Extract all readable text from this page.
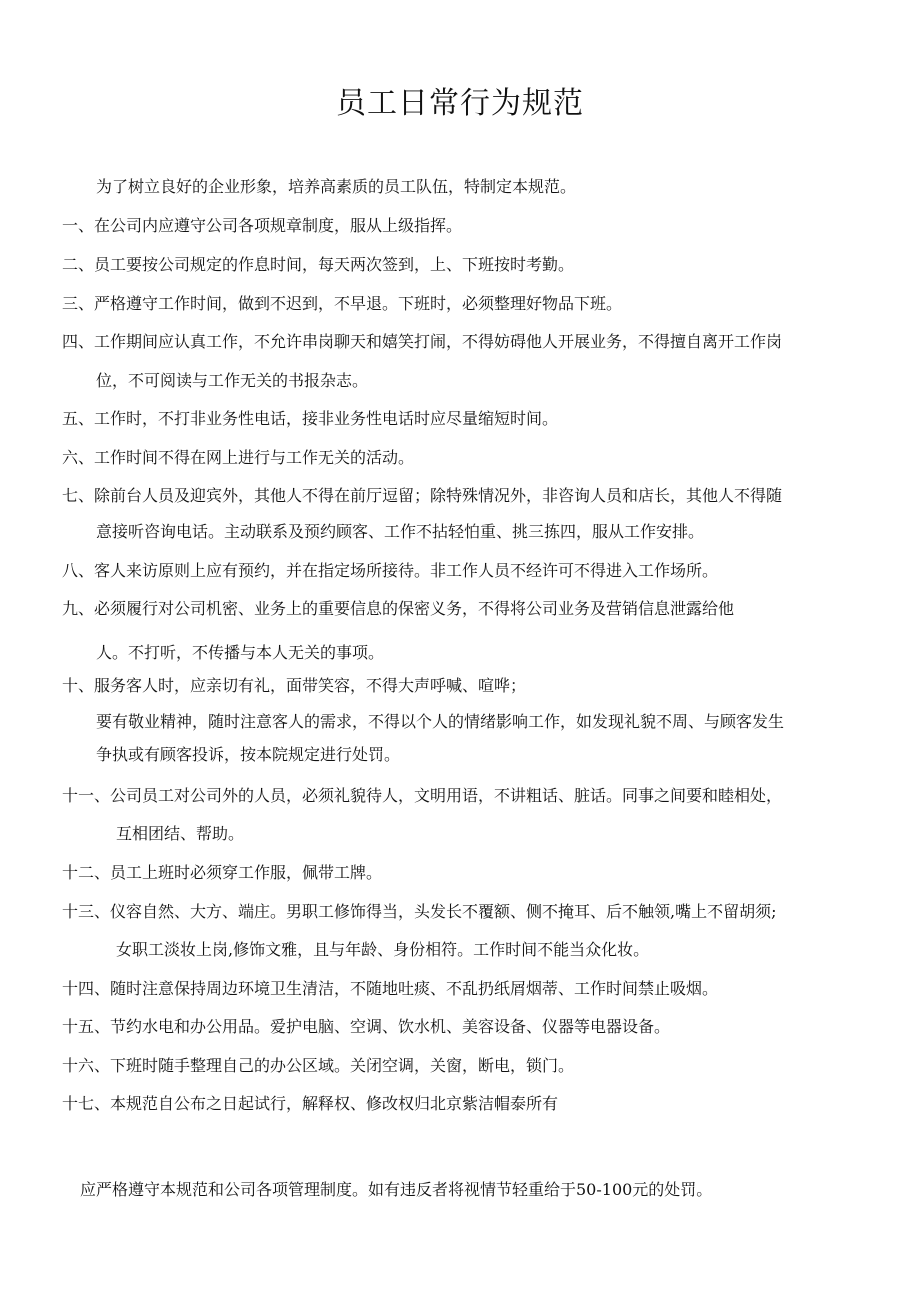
员工日常行为规范
为了树立良好的企业形象，培养高素质的员工队伍，特制定本规范。
一、在公司内应遵守公司各项规章制度，服从上级指挥。
二、员工要按公司规定的作息时间，每天两次签到，上、下班按时考勤。
三、严格遵守工作时间，做到不迟到，不早退。下班时，必须整理好物品下班。
四、工作期间应认真工作，不允许串岗聊天和嬉笑打闹，不得妨碍他人开展业务，不得擅自离开工作岗
位，不可阅读与工作无关的书报杂志。
五、工作时，不打非业务性电话，接非业务性电话时应尽量缩短时间。
六、工作时间不得在网上进行与工作无关的活动。
七、除前台人员及迎宾外，其他人不得在前厅逗留；除特殊情况外，非咨询人员和店长，其他人不得随
意接听咨询电话。主动联系及预约顾客、工作不拈轻怕重、挑三拣四，服从工作安排。
八、客人来访原则上应有预约，并在指定场所接待。非工作人员不经许可不得进入工作场所。
九、必须履行对公司机密、业务上的重要信息的保密义务，不得将公司业务及营销信息泄露给他
人。不打听，不传播与本人无关的事项。
十、服务客人时，应亲切有礼，面带笑容，不得大声呼喊、喧哗；
要有敬业精神，随时注意客人的需求，不得以个人的情绪影响工作，如发现礼貌不周、与顾客发生
争执或有顾客投诉，按本院规定进行处罚。
十一、公司员工对公司外的人员，必须礼貌待人，文明用语，不讲粗话、脏话。同事之间要和睦相处，
互相团结、帮助。
十二、员工上班时必须穿工作服，佩带工牌。
十三、仪容自然、大方、端庄。男职工修饰得当，头发长不覆额、侧不掩耳、后不触领,嘴上不留胡须;
女职工淡妆上岗,修饰文雅，且与年龄、身份相符。工作时间不能当众化妆。
十四、随时注意保持周边环境卫生清洁，不随地吐痰、不乱扔纸屑烟蒂、工作时间禁止吸烟。
十五、节约水电和办公用品。爱护电脑、空调、饮水机、美容设备、仪器等电器设备。
十六、下班时随手整理自己的办公区域。关闭空调，关窗，断电，锁门。
十七、本规范自公布之日起试行，解释权、修改权归北京紫洁帽泰所有
应严格遵守本规范和公司各项管理制度。如有违反者将视情节轻重给于50-100元的处罚。
